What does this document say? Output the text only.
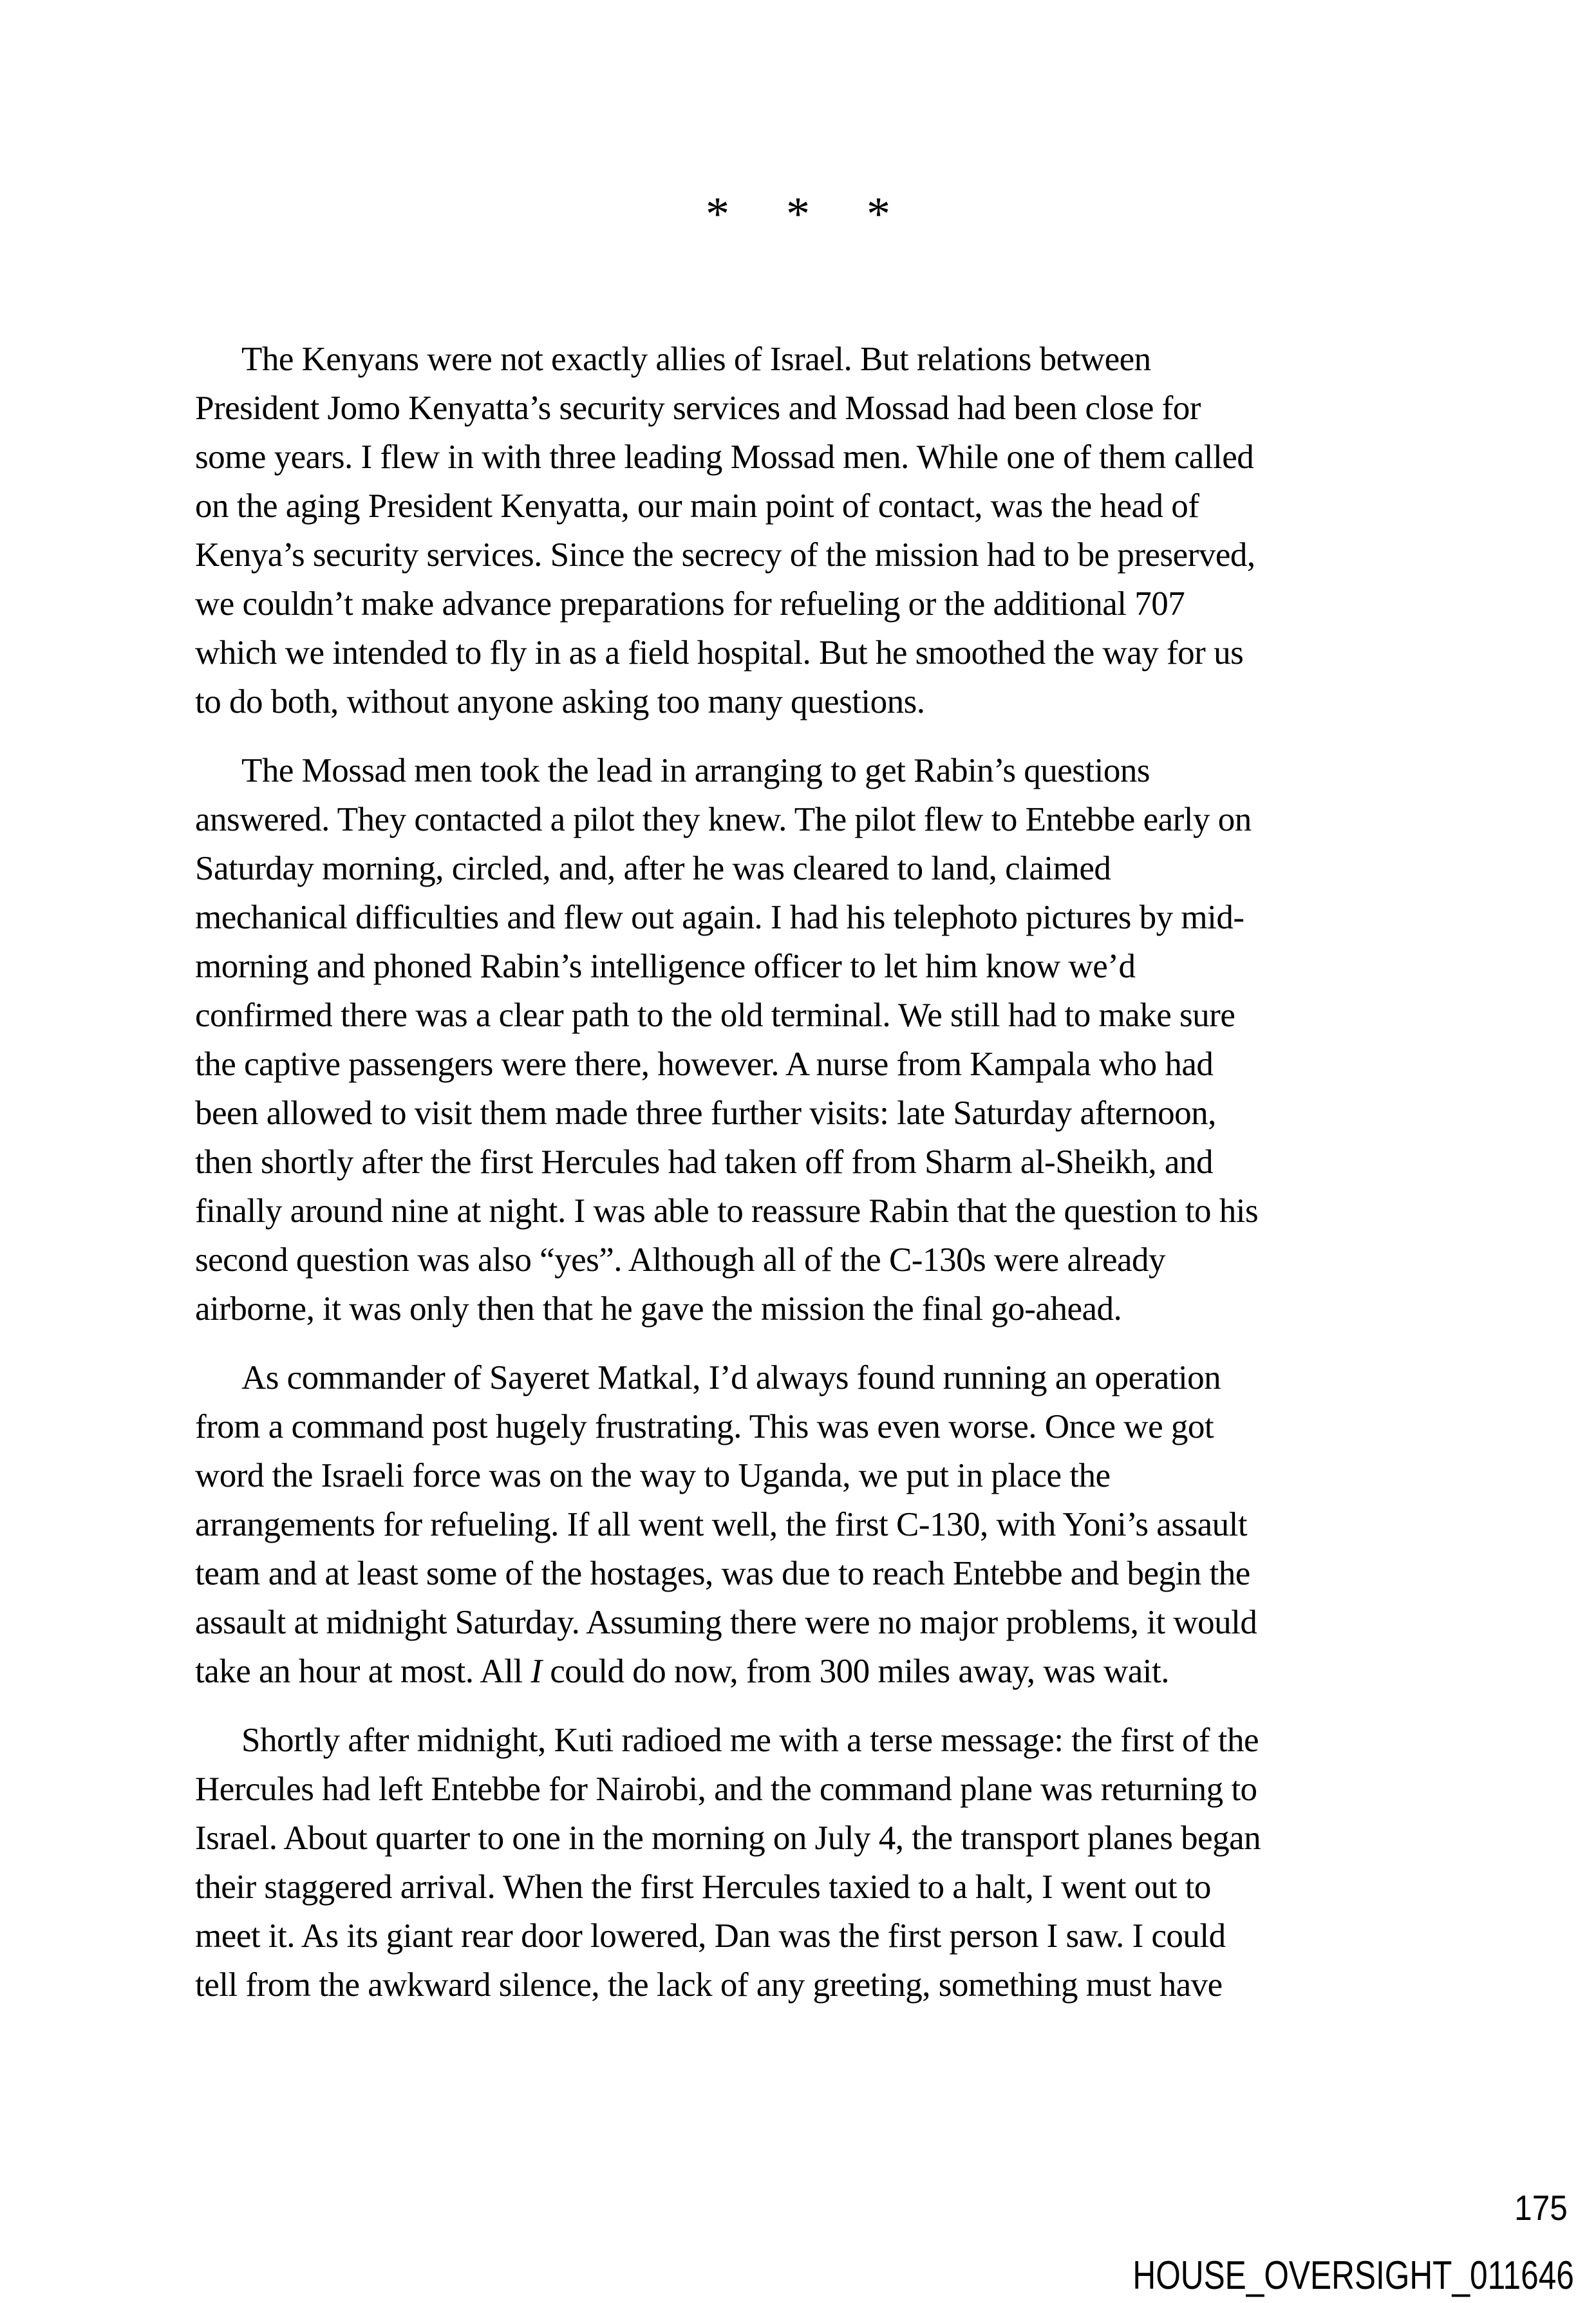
* * *
The Kenyans were not exactly allies of Israel. But relations between
President Jomo Kenyatta’s security services and Mossad had been close for
some years. I flew in with three leading Mossad men. While one of them called
on the aging President Kenyatta, our main point of contact, was the head of
Kenya’s security services. Since the secrecy of the mission had to be preserved,
we couldn’t make advance preparations for refueling or the additional 707
which we intended to fly in as a field hospital. But he smoothed the way for us
to do both, without anyone asking too many questions.
The Mossad men took the lead in arranging to get Rabin’s questions
answered. They contacted a pilot they knew. The pilot flew to Entebbe early on
Saturday morning, circled, and, after he was cleared to land, claimed
mechanical difficulties and flew out again. I had his telephoto pictures by mid-
morning and phoned Rabin’s intelligence officer to let him know we’d
confirmed there was a clear path to the old terminal. We still had to make sure
the captive passengers were there, however. A nurse from Kampala who had
been allowed to visit them made three further visits: late Saturday afternoon,
then shortly after the first Hercules had taken off from Sharm al-Sheikh, and
finally around nine at night. I was able to reassure Rabin that the question to his
second question was also “yes”. Although all of the C-130s were already
airborne, it was only then that he gave the mission the final go-ahead.
As commander of Sayeret Matkal, I’d always found running an operation
from a command post hugely frustrating. This was even worse. Once we got
word the Israeli force was on the way to Uganda, we put in place the
arrangements for refueling. If all went well, the first C-130, with Yoni’s assault
team and at least some of the hostages, was due to reach Entebbe and begin the
assault at midnight Saturday. Assuming there were no major problems, it would
take an hour at most. All I could do now, from 300 miles away, was wait.
Shortly after midnight, Kuti radioed me with a terse message: the first of the
Hercules had left Entebbe for Nairobi, and the command plane was returning to
Israel. About quarter to one in the morning on July 4, the transport planes began
their staggered arrival. When the first Hercules taxied to a halt, I went out to
meet it. As its giant rear door lowered, Dan was the first person I saw. I could
tell from the awkward silence, the lack of any greeting, something must have
175
HOUSE_OVERSIGHT_011646
